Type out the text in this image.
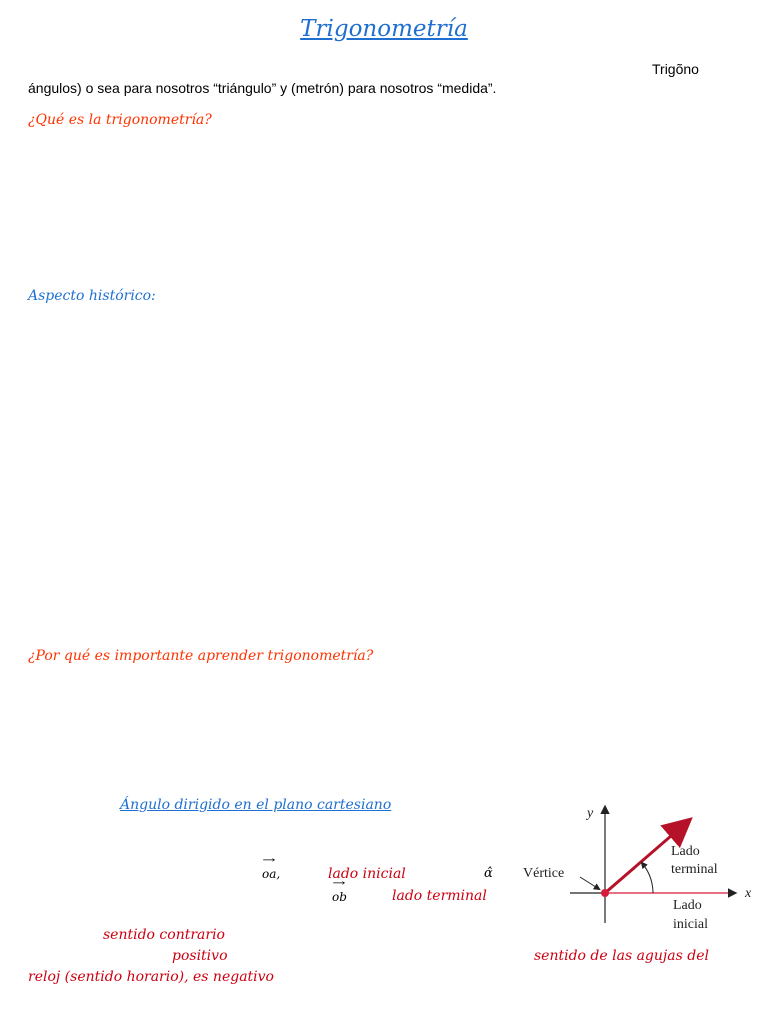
Trigonometría
Trigõno
ángulos) o sea para nosotros “triángulo” y (metrón) para nosotros “medida”.
¿Qué es la trigonometría?
Aspecto histórico:
¿Por qué es importante aprender trigonometría?
Ángulo dirigido en el plano cartesiano
→ oa,	lado inicial	α̂
→ ob	lado terminal
sentido contrario
positivo	sentido de las agujas del
reloj (sentido horario), es negativo
y
x
Vértice
Lado
terminal
Lado
inicial
